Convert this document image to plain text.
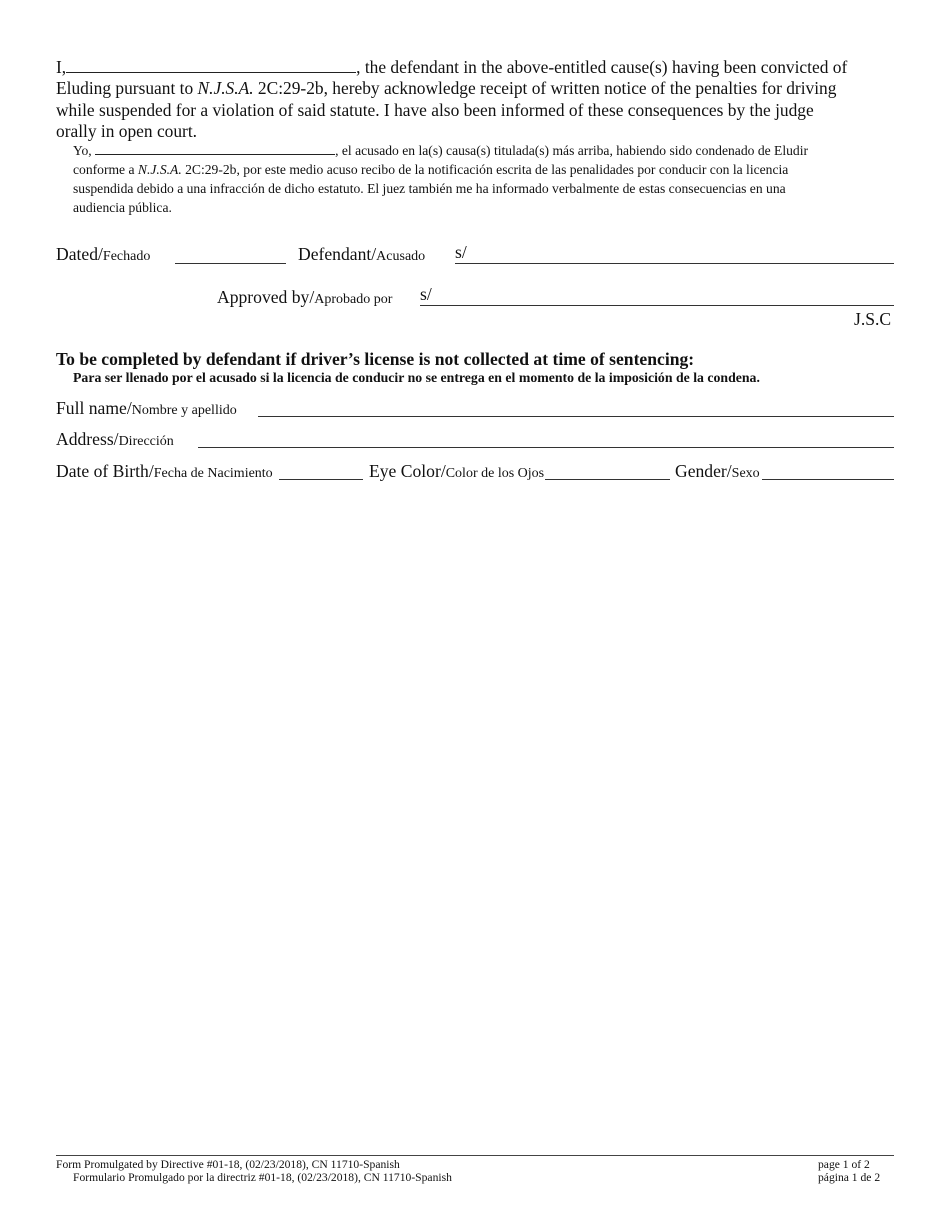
I,	, the defendant in the above-entitled cause(s) having been convicted of
Eluding pursuant to N.J.S.A. 2C:29-2b, hereby acknowledge receipt of written notice of the penalties for driving
while suspended for a violation of said statute. I have also been informed of these consequences by the judge
orally in open court.
Yo,	, el acusado en la(s) causa(s) titulada(s) más arriba, habiendo sido condenado de Eludir
conforme a N.J.S.A. 2C:29-2b, por este medio acuso recibo de la notificación escrita de las penalidades por conducir con la licencia
suspendida debido a una infracción de dicho estatuto. El juez también me ha informado verbalmente de estas consecuencias en una
audiencia pública.
Dated/Fechado	Defendant/Acusado s/
Approved by/Aprobado por s/
J.S.C
To be completed by defendant if driver’s license is not collected at time of sentencing:
Para ser llenado por el acusado si la licencia de conducir no se entrega en el momento de la imposición de la condena.
Full name/Nombre y apellido
Address/Dirección
Date of Birth/Fecha de Nacimiento	Eye Color/Color de los Ojos	Gender/Sexo
Form Promulgated by Directive #01-18, (02/23/2018), CN 11710-Spanish
Formulario Promulgado por la directriz #01-18, (02/23/2018), CN 11710-Spanish
page 1 of 2
página 1 de 2
